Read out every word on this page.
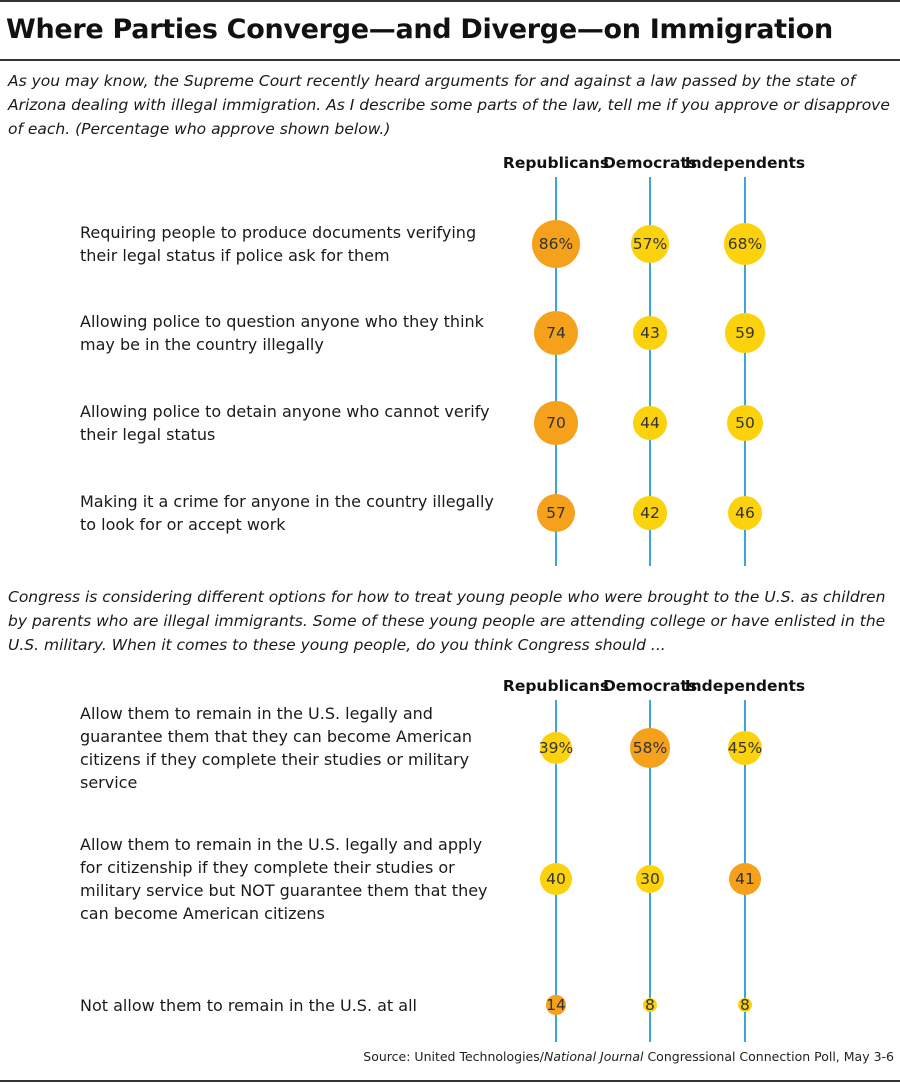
Where Parties Converge—and Diverge—on Immigration

As you may know, the Supreme Court recently heard arguments for and against a law passed by the state of Arizona dealing with illegal immigration. As I describe some parts of the law, tell me if you approve or disapprove of each. (Percentage who approve shown below.)

Congress is considering different options for how to treat young people who were brought to the U.S. as children by parents who are illegal immigrants. Some of these young people are attending college or have enlisted in the U.S. military. When it comes to these young people, do you think Congress should ...

Republicans
Democrats
Independents

Requiring people to produce documents verifying their legal status if police ask for them

86%	57%	68%

Allowing police to question anyone who they think may be in the country illegally

74	43	59

Allowing police to detain anyone who cannot verify their legal status

70	44	50

Making it a crime for anyone in the country illegally to look for or accept work

57	42	46
Republicans
Democrats
Independents

Allow them to remain in the U.S. legally and guarantee them that they can become American citizens if they complete their studies or military service

39%	58%	45%

Allow them to remain in the U.S. legally and apply for citizenship if they complete their studies or military service but NOT guarantee them that they can become American citizens

40	30	41

Not allow them to remain in the U.S. at all	14	8	8

Source: United Technologies/National Journal Congressional Connection Poll, May 3-6
